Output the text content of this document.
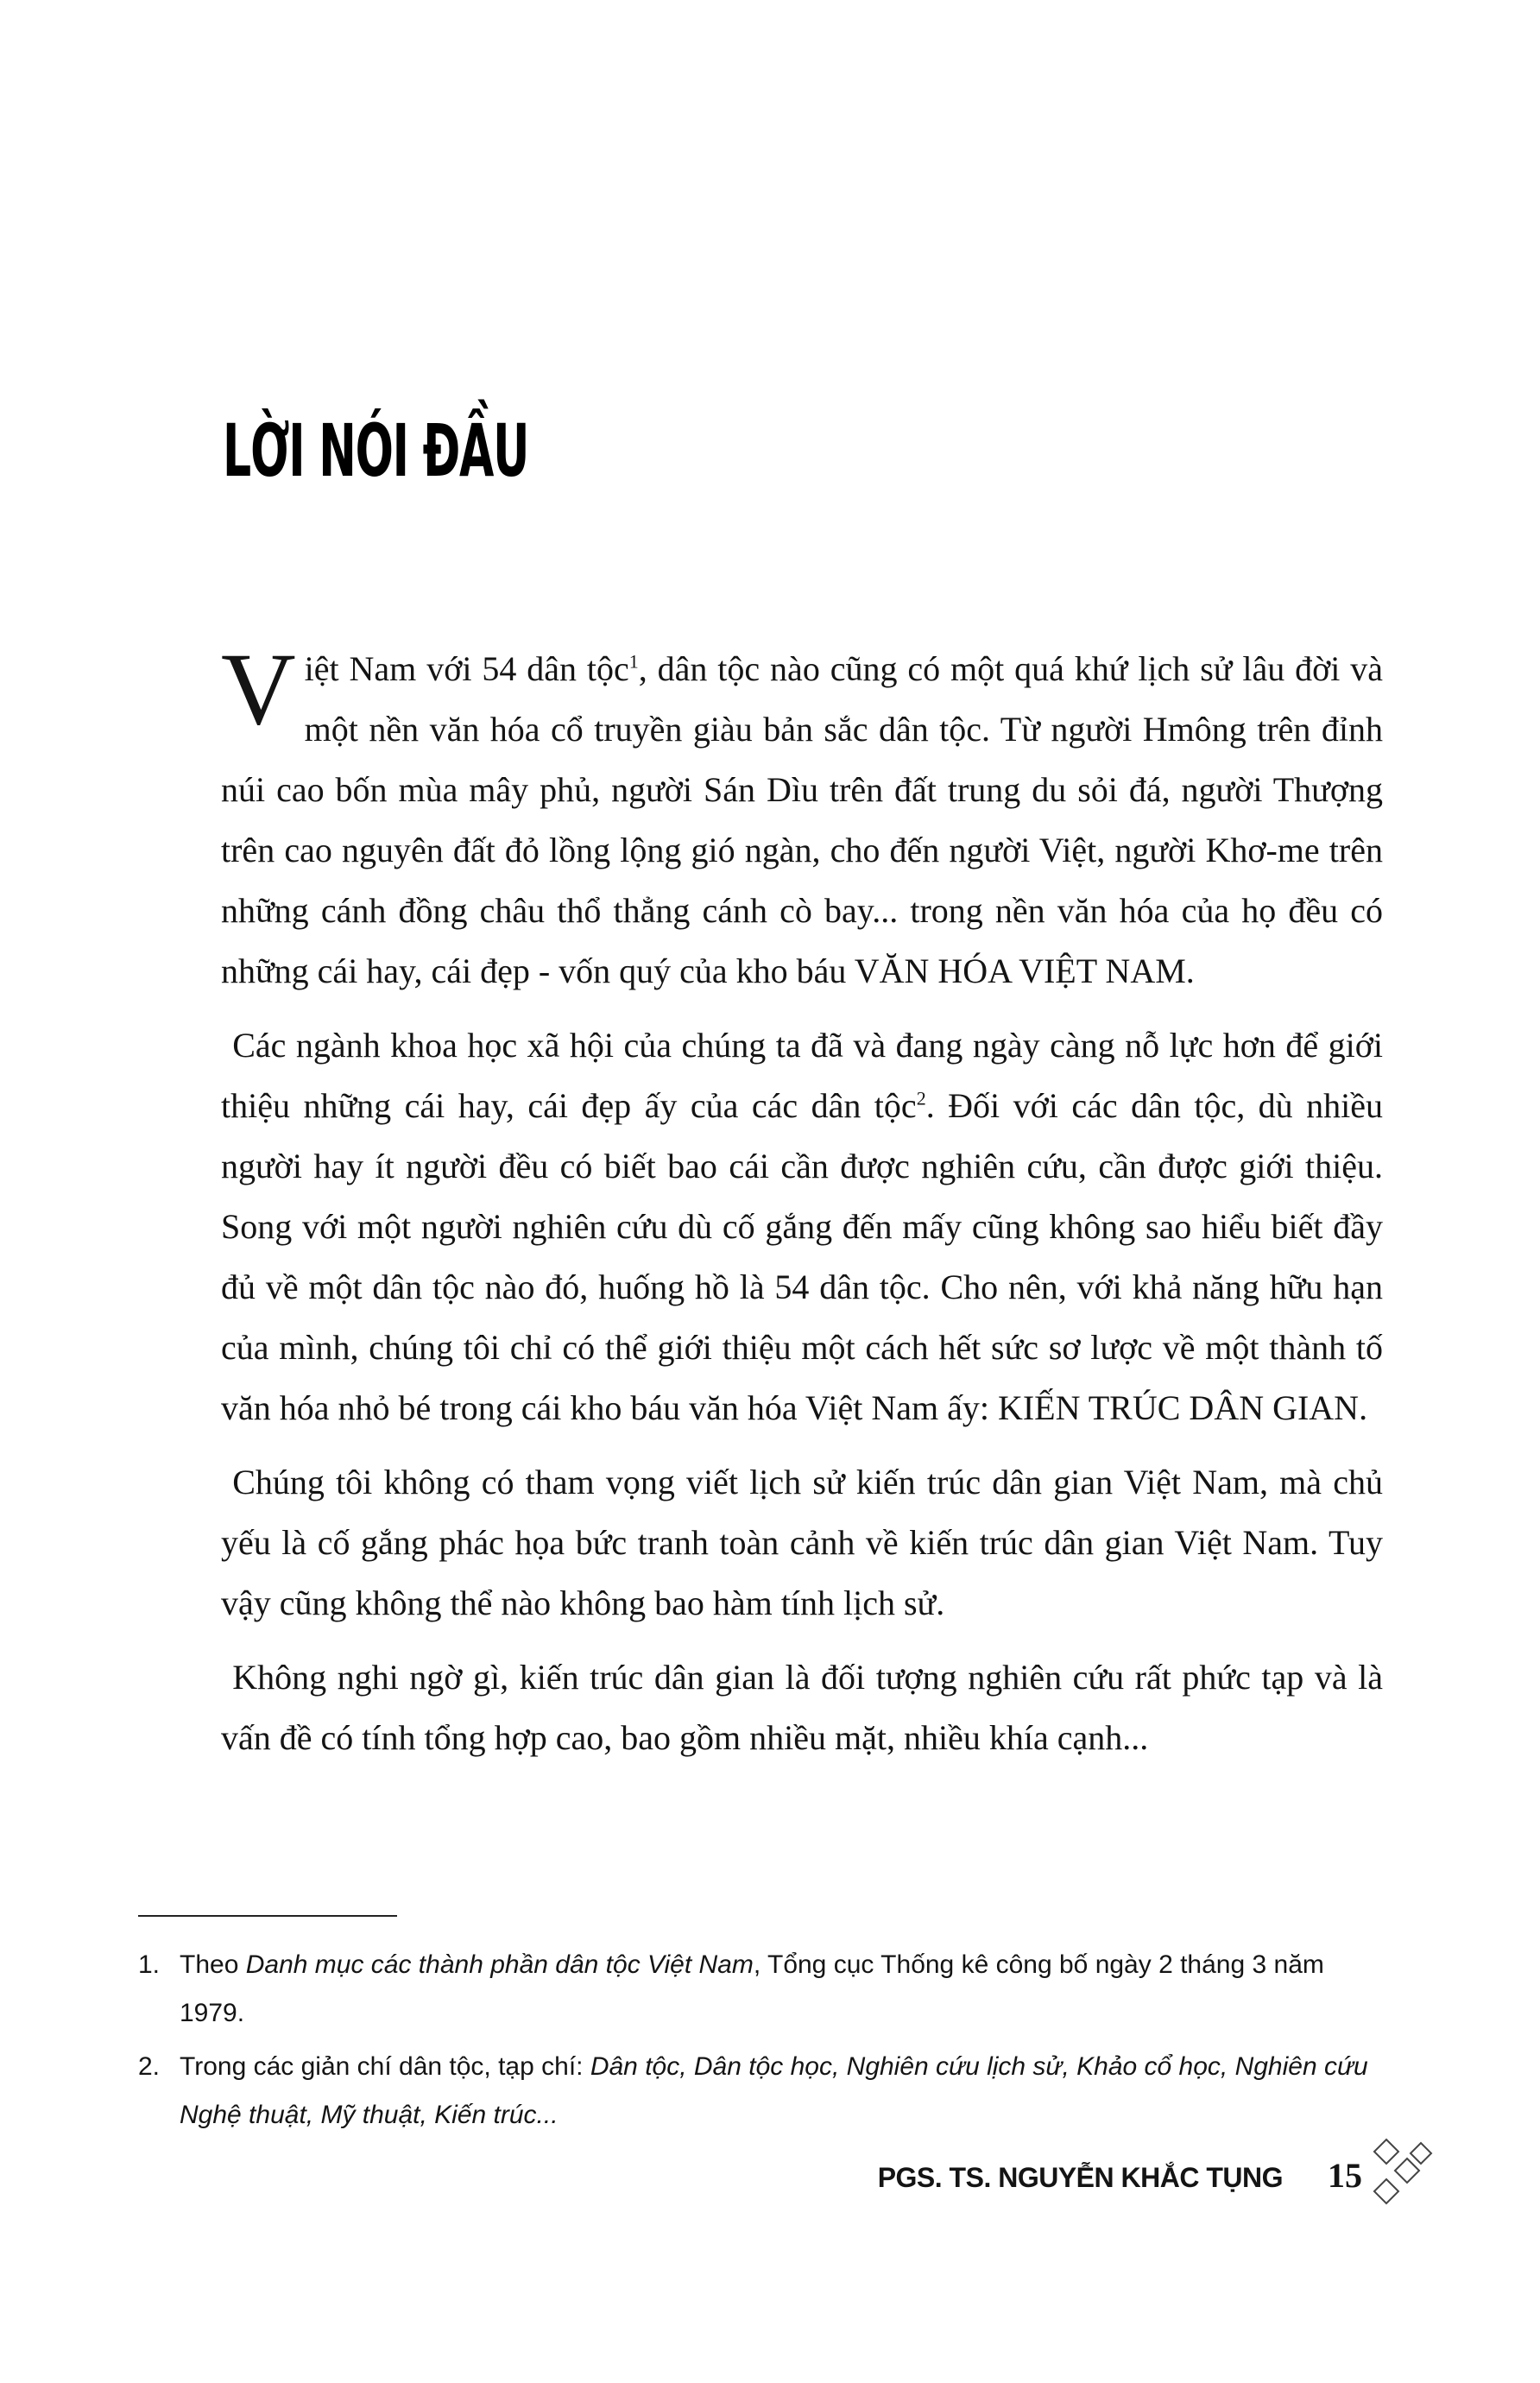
LỜI NÓI ĐẦU

Việt Nam với 54 dân tộc$^1$, dân tộc nào cũng có một quá khứ lịch sử lâu đời và một nền văn hóa cổ truyền giàu bản sắc dân tộc. Từ người Hmông trên đỉnh núi cao bốn mùa mây phủ, người Sán Dìu trên đất trung du sỏi đá, người Thượng trên cao nguyên đất đỏ lồng lộng gió ngàn, cho đến người Việt, người Khơ-me trên những cánh đồng châu thổ thẳng cánh cò bay... trong nền văn hóa của họ đều có những cái hay, cái đẹp - vốn quý của kho báu VĂN HÓA VIỆT NAM.

Các ngành khoa học xã hội của chúng ta đã và đang ngày càng nỗ lực hơn để giới thiệu những cái hay, cái đẹp ấy của các dân tộc$^2$. Đối với các dân tộc, dù nhiều người hay ít người đều có biết bao cái cần được nghiên cứu, cần được giới thiệu. Song với một người nghiên cứu dù cố gắng đến mấy cũng không sao hiểu biết đầy đủ về một dân tộc nào đó, huống hồ là 54 dân tộc. Cho nên, với khả năng hữu hạn của mình, chúng tôi chỉ có thể giới thiệu một cách hết sức sơ lược về một thành tố văn hóa nhỏ bé trong cái kho báu văn hóa Việt Nam ấy: KIẾN TRÚC DÂN GIAN.

Chúng tôi không có tham vọng viết lịch sử kiến trúc dân gian Việt Nam, mà chủ yếu là cố gắng phác họa bức tranh toàn cảnh về kiến trúc dân gian Việt Nam. Tuy vậy cũng không thể nào không bao hàm tính lịch sử.

Không nghi ngờ gì, kiến trúc dân gian là đối tượng nghiên cứu rất phức tạp và là vấn đề có tính tổng hợp cao, bao gồm nhiều mặt, nhiều khía cạnh...

1. Theo Danh mục các thành phần dân tộc Việt Nam, Tổng cục Thống kê công bố ngày 2 tháng 3 năm 1979.
2. Trong các giản chí dân tộc, tạp chí: Dân tộc, Dân tộc học, Nghiên cứu lịch sử, Khảo cổ học, Nghiên cứu Nghệ thuật, Mỹ thuật, Kiến trúc...
PGS. TS. NGUYỄN KHẮC TỤNG 15
